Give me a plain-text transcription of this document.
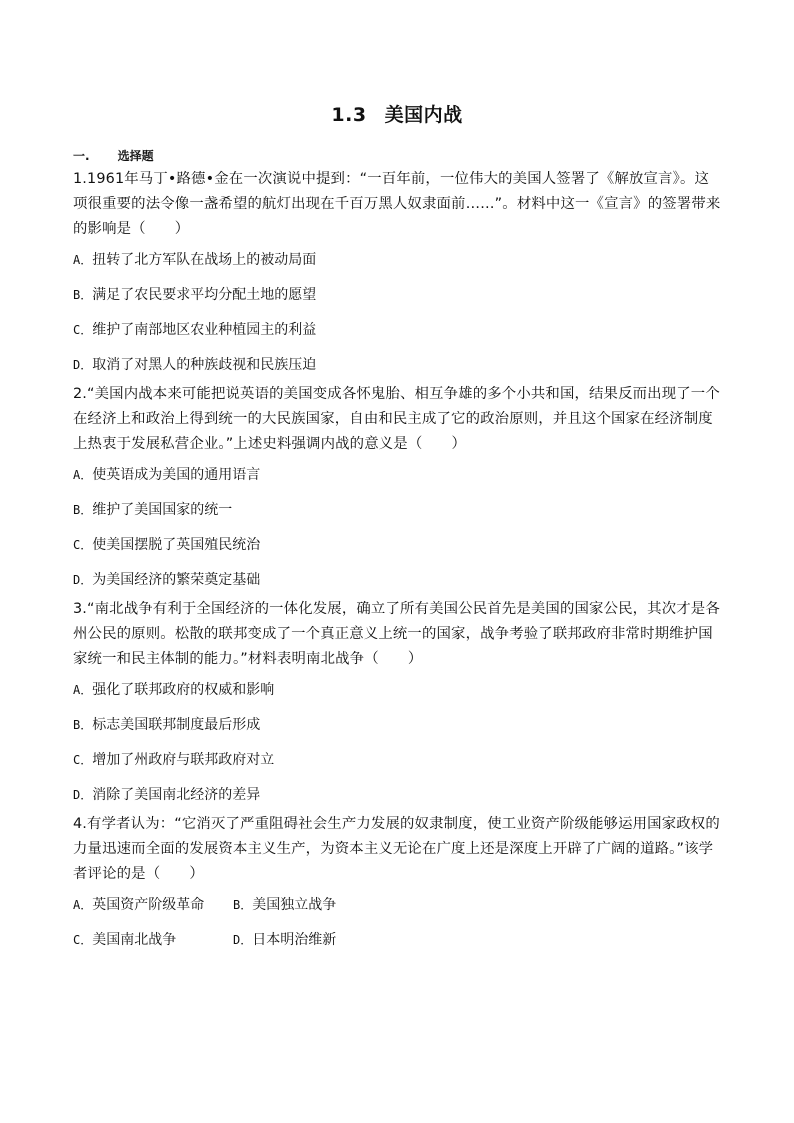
1.3 美国内战
一. 选择题

1.1961年马丁•路德•金在一次演说中提到：“一百年前，一位伟大的美国人签署了《解放宣言》。这项很重要的法令像一盏希望的航灯出现在千百万黑人奴隶面前……”。材料中这一《宣言》的签署带来的影响是（　　）

A．扭转了北方军队在战场上的被动局面

B．满足了农民要求平均分配土地的愿望

C．维护了南部地区农业种植园主的利益

D．取消了对黑人的种族歧视和民族压迫

2.“美国内战本来可能把说英语的美国变成各怀鬼胎、相互争雄的多个小共和国，结果反而出现了一个在经济上和政治上得到统一的大民族国家，自由和民主成了它的政治原则，并且这个国家在经济制度上热衷于发展私营企业。”上述史料强调内战的意义是（　　）

A．使英语成为美国的通用语言

B．维护了美国国家的统一

C．使美国摆脱了英国殖民统治

D．为美国经济的繁荣奠定基础

3.“南北战争有利于全国经济的一体化发展，确立了所有美国公民首先是美国的国家公民，其次才是各州公民的原则。松散的联邦变成了一个真正意义上统一的国家，战争考验了联邦政府非常时期维护国家统一和民主体制的能力。”材料表明南北战争（　　）

A．强化了联邦政府的权威和影响

B．标志美国联邦制度最后形成

C．增加了州政府与联邦政府对立

D．消除了美国南北经济的差异

4.有学者认为：“它消灭了严重阻碍社会生产力发展的奴隶制度，使工业资产阶级能够运用国家政权的力量迅速而全面的发展资本主义生产，为资本主义无论在广度上还是深度上开辟了广阔的道路。”该学者评论的是（　　）

A．英国资产阶级革命 B．美国独立战争

C．美国南北战争	D．日本明治维新
